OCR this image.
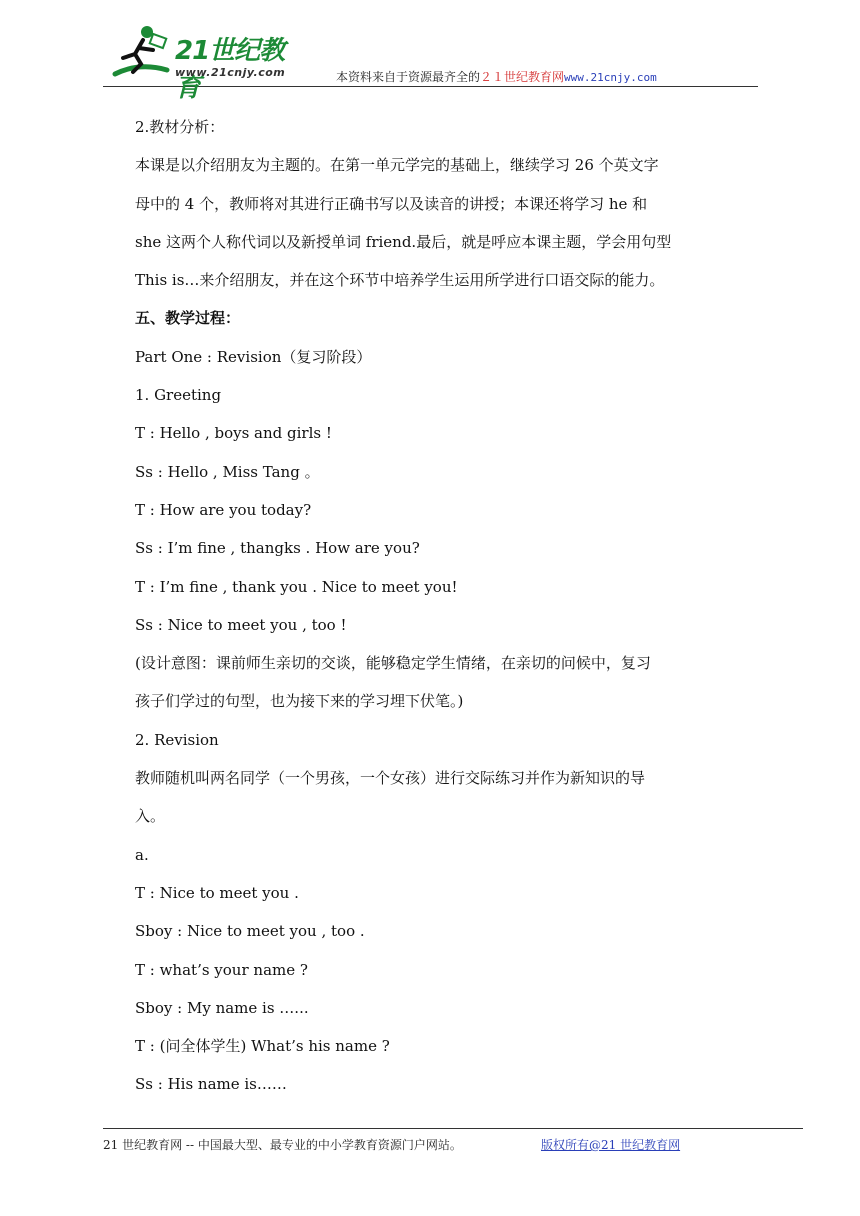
21世纪教育
www.21cnjy.com	本资料来自于资源最齐全的２１世纪教育网www.21cnjy.com
2.教材分析：
本课是以介绍朋友为主题的。在第一单元学完的基础上，继续学习 26 个英文字
母中的 4 个，教师将对其进行正确书写以及读音的讲授；本课还将学习 he 和
she 这两个人称代词以及新授单词 friend.最后，就是呼应本课主题，学会用句型
This is…来介绍朋友，并在这个环节中培养学生运用所学进行口语交际的能力。
五、教学过程：
Part One : Revision（复习阶段）
1. Greeting
T : Hello , boys and girls !
Ss : Hello , Miss Tang 。
T : How are you today?
Ss : I’m fine , thangks . How are you?
T : I’m fine , thank you . Nice to meet you!
Ss : Nice to meet you , too !
(设计意图：课前师生亲切的交谈，能够稳定学生情绪，在亲切的问候中，复习
孩子们学过的句型，也为接下来的学习埋下伏笔。)
2. Revision
教师随机叫两名同学（一个男孩，一个女孩）进行交际练习并作为新知识的导
入。
a.
T : Nice to meet you .
Sboy : Nice to meet you , too .
T : what’s your name ?
Sboy : My name is …...
T : (问全体学生) What’s his name ?
Ss : His name is……
21 世纪教育网 -- 中国最大型、最专业的中小学教育资源门户网站。	版权所有@21 世纪教育网
